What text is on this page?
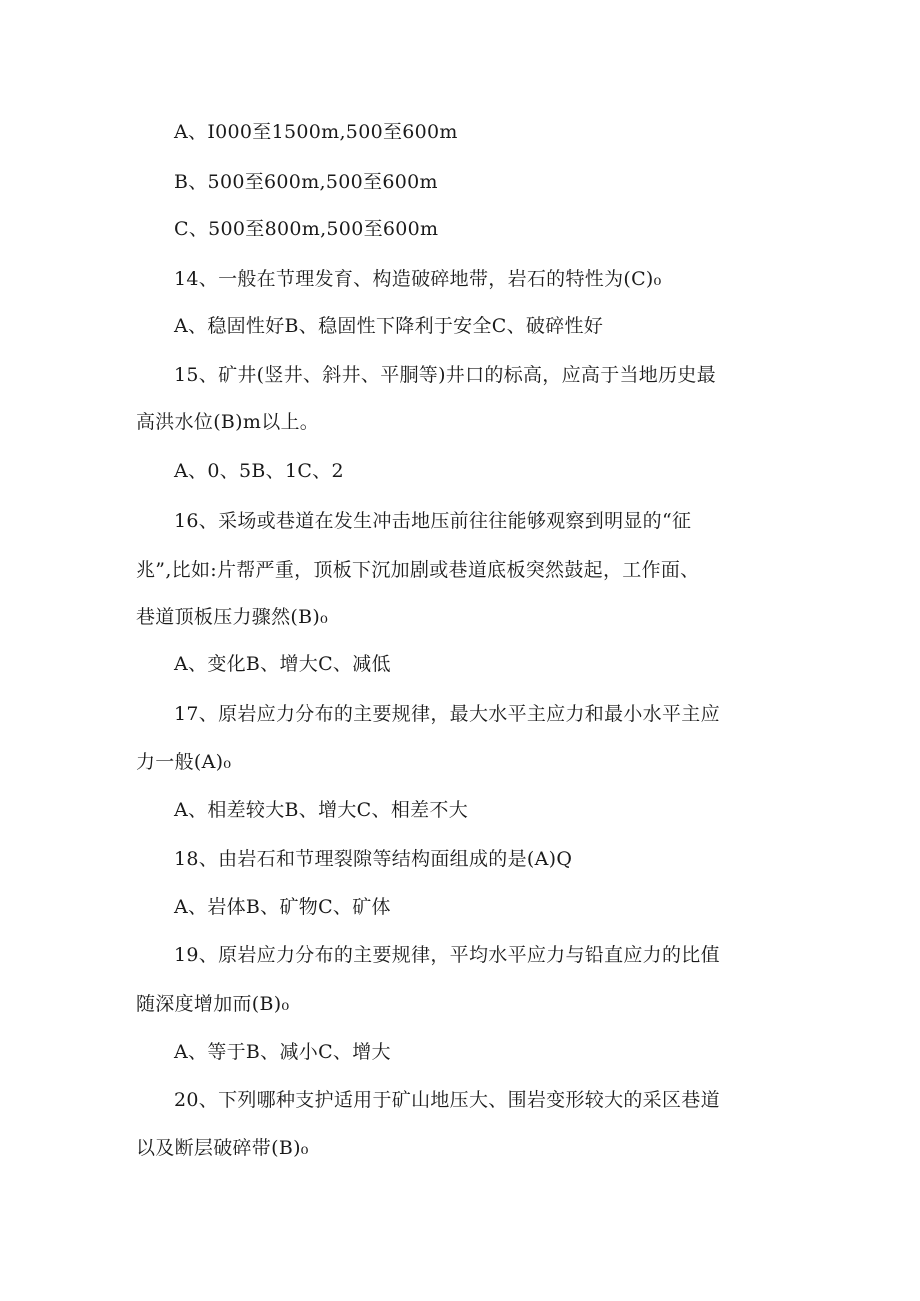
A、I000至1500m,500至600m
B、500至600m,500至600m
C、500至800m,500至600m
14、一般在节理发育、构造破碎地带，岩石的特性为(C)₀
A、稳固性好B、稳固性下降利于安全C、破碎性好
15、矿井(竖井、斜井、平胴等)井口的标高，应高于当地历史最
高洪水位(B)m以上。
A、0、5B、1C、2
16、采场或巷道在发生冲击地压前往往能够观察到明显的“征
兆”,比如:片帮严重，顶板下沉加剧或巷道底板突然鼓起，工作面、
巷道顶板压力骤然(B)₀
A、变化B、增大C、减低
17、原岩应力分布的主要规律，最大水平主应力和最小水平主应
力一般(A)₀
A、相差较大B、增大C、相差不大
18、由岩石和节理裂隙等结构面组成的是(A)Q
A、岩体B、矿物C、矿体
19、原岩应力分布的主要规律，平均水平应力与铅直应力的比值
随深度增加而(B)₀
A、等于B、减小C、增大
20、下列哪种支护适用于矿山地压大、围岩变形较大的采区巷道
以及断层破碎带(B)₀
